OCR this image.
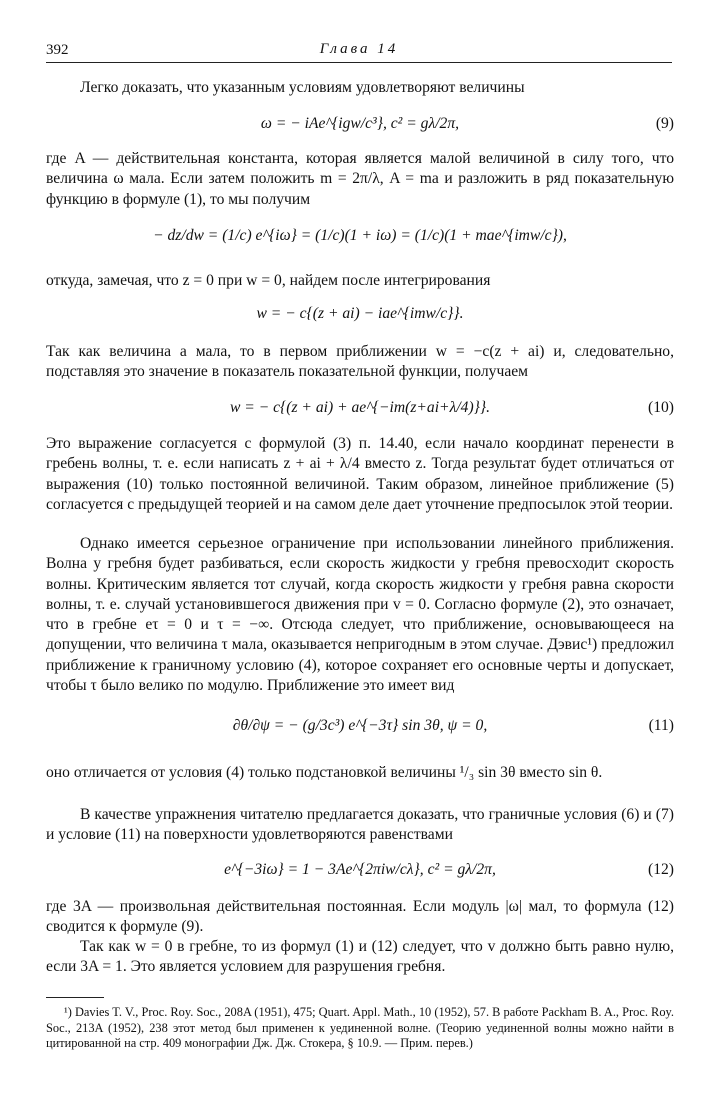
392	Глава 14

Легко доказать, что указанным условиям удовлетворяют величины

ω = − iAe^{igw/c³}, c² = gλ/2π,	(9)

где A — действительная константа, которая является малой величиной в силу того, что величина ω мала. Если затем положить m = 2π/λ, A = ma и разложить в ряд показательную функцию в формуле (1), то мы получим

− dz/dw = (1/c) e^{iω} = (1/c)(1 + iω) = (1/c)(1 + mae^{imw/c}),

откуда, замечая, что z = 0 при w = 0, найдем после интегрирования

w = − c{(z + ai) − iae^{imw/c}}.

Так как величина a мала, то в первом приближении w = −c(z + ai) и, следовательно, подставляя это значение в показатель показательной функции, получаем

w = − c{(z + ai) + ae^{−im(z+ai+λ/4)}}.	(10)

Это выражение согласуется с формулой (3) п. 14.40, если начало координат перенести в гребень волны, т. е. если написать z + ai + λ/4 вместо z. Тогда результат будет отличаться от выражения (10) только постоянной величиной. Таким образом, линейное приближение (5) согласуется с предыдущей теорией и на самом деле дает уточнение предпосылок этой теории.

Однако имеется серьезное ограничение при использовании линейного приближения. Волна у гребня будет разбиваться, если скорость жидкости у гребня превосходит скорость волны. Критическим является тот случай, когда скорость жидкости у гребня равна скорости волны, т. е. случай установившегося движения при v = 0. Согласно формуле (2), это означает, что в гребне eτ = 0 и τ = −∞. Отсюда следует, что приближение, основывающееся на допущении, что величина τ мала, оказывается непригодным в этом случае. Дэвис¹) предложил приближение к граничному условию (4), которое сохраняет его основные черты и допускает, чтобы τ было велико по модулю. Приближение это имеет вид

∂θ/∂ψ = − (g/3c³) e^{−3τ} sin 3θ, ψ = 0,	(11)

оно отличается от условия (4) только подстановкой величины ¹/₃ sin 3θ вместо sin θ.

В качестве упражнения читателю предлагается доказать, что граничные условия (6) и (7) и условие (11) на поверхности удовлетворяются равенствами

e^{−3iω} = 1 − 3Ae^{2πiw/cλ}, c² = gλ/2π,	(12)

где 3A — произвольная действительная постоянная. Если модуль |ω| мал, то формула (12) сводится к формуле (9).

Так как w = 0 в гребне, то из формул (1) и (12) следует, что v должно быть равно нулю, если 3A = 1. Это является условием для разрушения гребня.

¹) Davies T. V., Proc. Roy. Soc., 208A (1951), 475; Quart. Appl. Math., 10 (1952), 57. В работе Packham B. A., Proc. Roy. Soc., 213A (1952), 238 этот метод был применен к уединенной волне. (Теорию уединенной волны можно найти в цитированной на стр. 409 монографии Дж. Дж. Стокера, § 10.9. — Прим. перев.)
